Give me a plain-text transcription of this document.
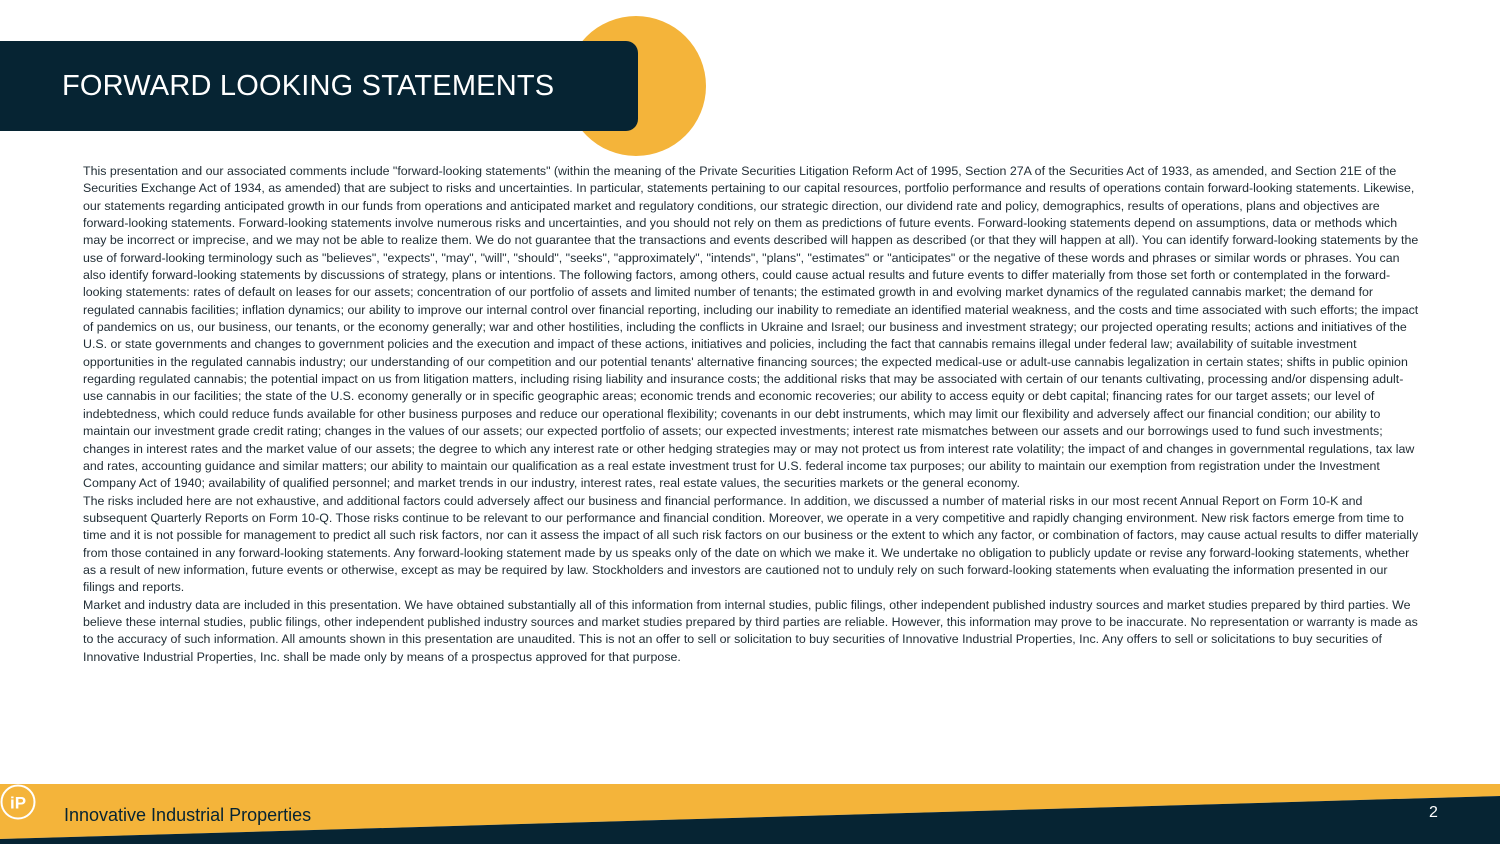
FORWARD LOOKING STATEMENTS

This presentation and our associated comments include "forward-looking statements" (within the meaning of the Private Securities Litigation Reform Act of 1995, Section 27A of the Securities Act of 1933, as amended, and Section 21E of the Securities Exchange Act of 1934, as amended) that are subject to risks and uncertainties. In particular, statements pertaining to our capital resources, portfolio performance and results of operations contain forward-looking statements. Likewise, our statements regarding anticipated growth in our funds from operations and anticipated market and regulatory conditions, our strategic direction, our dividend rate and policy, demographics, results of operations, plans and objectives are forward-looking statements. Forward-looking statements involve numerous risks and uncertainties, and you should not rely on them as predictions of future events. Forward-looking statements depend on assumptions, data or methods which may be incorrect or imprecise, and we may not be able to realize them. We do not guarantee that the transactions and events described will happen as described (or that they will happen at all). You can identify forward-looking statements by the use of forward-looking terminology such as "believes", "expects", "may", "will", "should", "seeks", "approximately", "intends", "plans", "estimates" or "anticipates" or the negative of these words and phrases or similar words or phrases. You can also identify forward-looking statements by discussions of strategy, plans or intentions. The following factors, among others, could cause actual results and future events to differ materially from those set forth or contemplated in the forward-looking statements: rates of default on leases for our assets; concentration of our portfolio of assets and limited number of tenants; the estimated growth in and evolving market dynamics of the regulated cannabis market; the demand for regulated cannabis facilities; inflation dynamics; our ability to improve our internal control over financial reporting, including our inability to remediate an identified material weakness, and the costs and time associated with such efforts; the impact of pandemics on us, our business, our tenants, or the economy generally; war and other hostilities, including the conflicts in Ukraine and Israel; our business and investment strategy; our projected operating results; actions and initiatives of the U.S. or state governments and changes to government policies and the execution and impact of these actions, initiatives and policies, including the fact that cannabis remains illegal under federal law; availability of suitable investment opportunities in the regulated cannabis industry; our understanding of our competition and our potential tenants' alternative financing sources; the expected medical-use or adult-use cannabis legalization in certain states; shifts in public opinion regarding regulated cannabis; the potential impact on us from litigation matters, including rising liability and insurance costs; the additional risks that may be associated with certain of our tenants cultivating, processing and/or dispensing adult-use cannabis in our facilities; the state of the U.S. economy generally or in specific geographic areas; economic trends and economic recoveries; our ability to access equity or debt capital; financing rates for our target assets; our level of indebtedness, which could reduce funds available for other business purposes and reduce our operational flexibility; covenants in our debt instruments, which may limit our flexibility and adversely affect our financial condition; our ability to maintain our investment grade credit rating; changes in the values of our assets; our expected portfolio of assets; our expected investments; interest rate mismatches between our assets and our borrowings used to fund such investments; changes in interest rates and the market value of our assets; the degree to which any interest rate or other hedging strategies may or may not protect us from interest rate volatility; the impact of and changes in governmental regulations, tax law and rates, accounting guidance and similar matters; our ability to maintain our qualification as a real estate investment trust for U.S. federal income tax purposes; our ability to maintain our exemption from registration under the Investment Company Act of 1940; availability of qualified personnel; and market trends in our industry, interest rates, real estate values, the securities markets or the general economy.

The risks included here are not exhaustive, and additional factors could adversely affect our business and financial performance. In addition, we discussed a number of material risks in our most recent Annual Report on Form 10-K and subsequent Quarterly Reports on Form 10-Q. Those risks continue to be relevant to our performance and financial condition. Moreover, we operate in a very competitive and rapidly changing environment. New risk factors emerge from time to time and it is not possible for management to predict all such risk factors, nor can it assess the impact of all such risk factors on our business or the extent to which any factor, or combination of factors, may cause actual results to differ materially from those contained in any forward-looking statements. Any forward-looking statement made by us speaks only of the date on which we make it. We undertake no obligation to publicly update or revise any forward-looking statements, whether as a result of new information, future events or otherwise, except as may be required by law. Stockholders and investors are cautioned not to unduly rely on such forward-looking statements when evaluating the information presented in our filings and reports.

Market and industry data are included in this presentation. We have obtained substantially all of this information from internal studies, public filings, other independent published industry sources and market studies prepared by third parties. We believe these internal studies, public filings, other independent published industry sources and market studies prepared by third parties are reliable. However, this information may prove to be inaccurate. No representation or warranty is made as to the accuracy of such information. All amounts shown in this presentation are unaudited. This is not an offer to sell or solicitation to buy securities of Innovative Industrial Properties, Inc. Any offers to sell or solicitations to buy securities of Innovative Industrial Properties, Inc. shall be made only by means of a prospectus approved for that purpose.

Innovative Industrial Properties
iP	2
